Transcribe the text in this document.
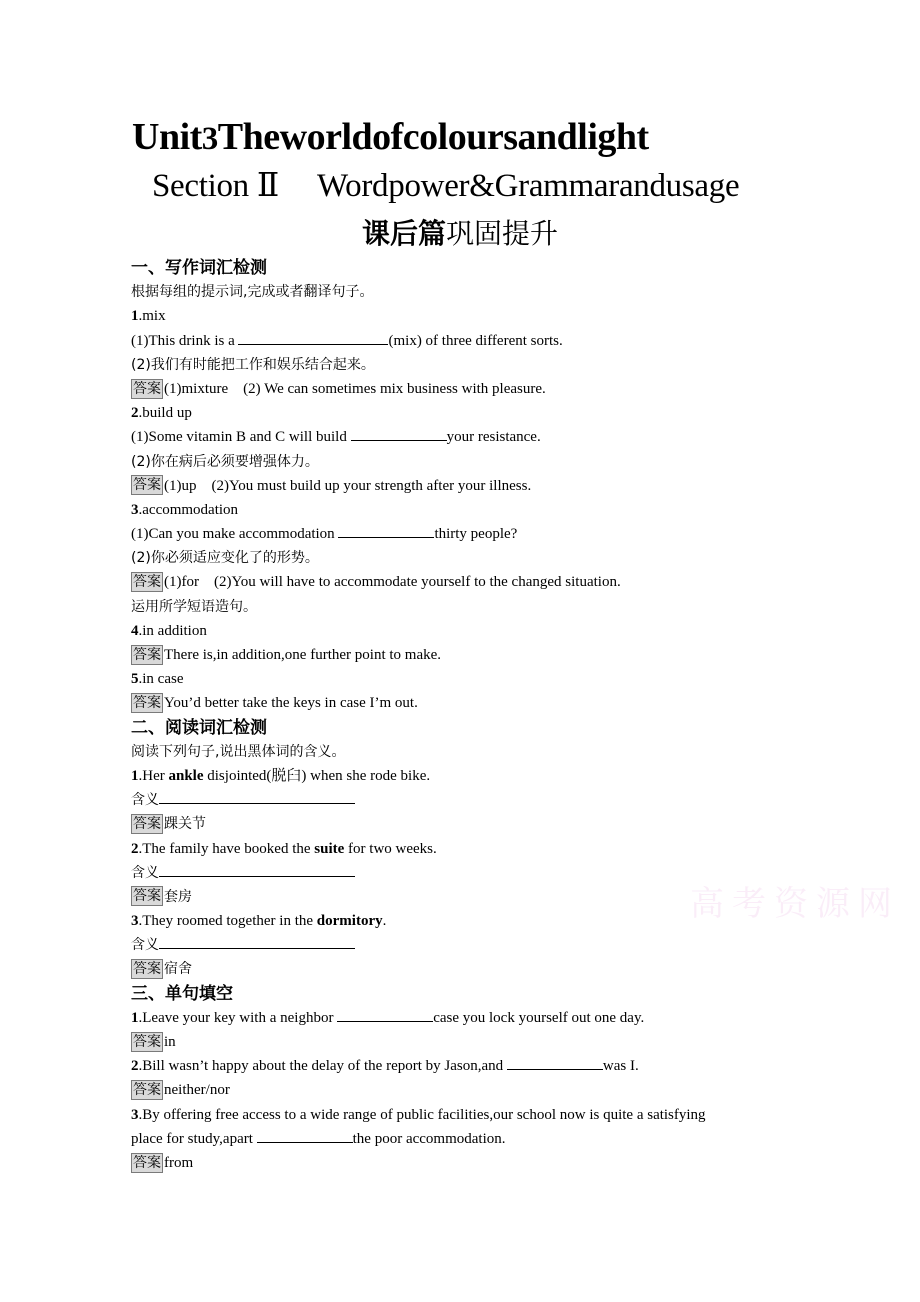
Unit3Theworldofcoloursandlight
Section Ⅱ Wordpower&Grammarandusage
课后篇巩固提升
一、写作词汇检测
根据每组的提示词,完成或者翻译句子。
1.mix
(1)This drink is a	(mix) of three different sorts.
(2)我们有时能把工作和娱乐结合起来。
答案 (1)mixture    (2) We can sometimes mix business with pleasure.
2.build up
(1)Some vitamin B and C will build	your resistance.
(2)你在病后必须要增强体力。
答案 (1)up    (2)You must build up your strength after your illness.
3.accommodation
(1)Can you make accommodation	thirty people?
(2)你必须适应变化了的形势。
答案 (1)for    (2)You will have to accommodate yourself to the changed situation.
运用所学短语造句。
4.in addition
答案 There is,in addition,one further point to make.
5.in case
答案 You’d better take the keys in case I’m out.
二、阅读词汇检测
阅读下列句子,说出黑体词的含义。
1.Her ankle disjointed(脱臼) when she rode bike.
含义
答案 踝关节
2.The family have booked the suite for two weeks.
含义
答案 套房
3.They roomed together in the dormitory.
含义
答案 宿舍
三、单句填空
1.Leave your key with a neighbor	case you lock yourself out one day.
答案 in
2.Bill wasn’t happy about the delay of the report by Jason,and	was I.
答案 neither/nor
3.By offering free access to a wide range of public facilities,our school now is quite a satisfying
place for study,apart	the poor accommodation.
答案 from
高考资源网
